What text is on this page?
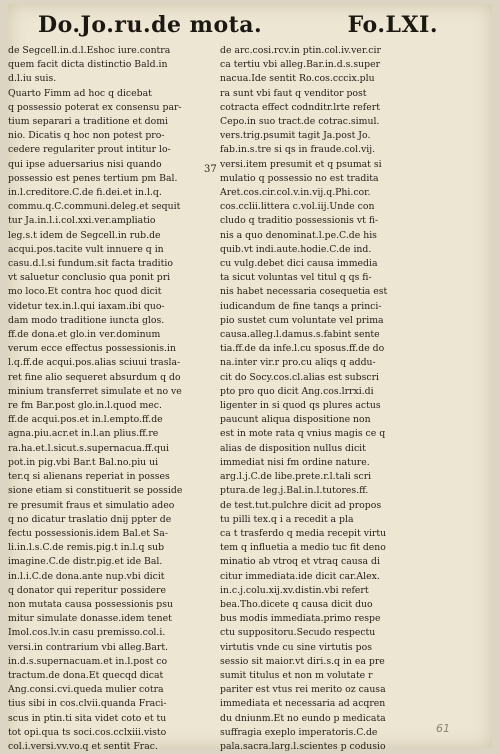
Do.Jo.ru.de mota.	Fo.LXI.
de Segcell.in.d.l.Eshoc iure.contra
quem facit dicta distinctio Bald.in
d.l.iu suis.
Quarto Fimm ad hoc q dicebat
q possessio poterat ex consensu par-
tium separari a traditione et domi
nio. Dicatis q hoc non potest pro-
cedere regulariter prout intitur lo-
qui ipse aduersarius nisi quando
possessio est penes tertium pm Bal.
in.l.creditore.C.de fi.dei.et in.l.q.
commu.q.C.communi.deleg.et sequit
tur Ja.in.l.i.col.xxi.ver.ampliatio
leg.s.t idem de Segcell.in rub.de
acqui.pos.tacite vult innuere q in
casu.d.l.si fundum.sit facta traditio
vt saluetur conclusio qua ponit pri
mo loco.Et contra hoc quod dicit
videtur tex.in.l.qui iaxam.ibi quo-
dam modo traditione iuncta glos.
ff.de dona.et glo.in ver.dominum
verum ecce effectus possessionis.in
l.q.ff.de acqui.pos.alias sciuui trasla-
ret fine alio sequeret absurdum q do
minium transferret simulate et no ve
re fm Bar.post glo.in.l.quod mec.
ff.de acqui.pos.et in.l.empto.ff.de
agna.piu.acr.et in.l.an plius.ff.re
ra.ha.et.l.sicut.s.supernacua.ff.qui
pot.in pig.vbi Bar.t Bal.no.piu ui
ter.q si alienans reperiat in posses
sione etiam si constituerit se posside
re presumit fraus et simulatio adeo
q no dicatur traslatio dnij ppter de
fectu possessionis.idem Bal.et Sa-
li.in.l.s.C.de remis.pig.t in.l.q sub
imagine.C.de distr.pig.et ide Bal.
in.l.i.C.de dona.ante nup.vbi dicit
q donator qui reperitur possidere
non mutata causa possessionis psu
mitur simulate donasse.idem tenet
Imol.cos.lv.in casu premisso.col.i.
versi.in contrarium vbi alleg.Bart.
in.d.s.supernacuam.et in.l.post co
tractum.de dona.Et quecqd dicat
Ang.consi.cvi.queda mulier cotra
tius sibi in cos.clvii.quanda Fraci-
scus in ptin.ti sita videt coto et tu
tot opi.qua ts soci.cos.cclxiii.visto
col.i.versi.vv.vo.q et sentit Frac.
37
de arc.cosi.rcv.in ptin.col.iv.ver.cir
ca tertiu vbi alleg.Bar.in.d.s.super
nacua.Ide sentit Ro.cos.cccix.plu
ra sunt vbi faut q venditor post
cotracta effect codnditr.lrte refert
Cepo.in suo tract.de cotrac.simul.
vers.trig.psumit tagit Ja.post Jo.
fab.in.s.tre si qs in fraude.col.vij.
versi.item presumit et q psumat si
mulatio q possessio no est tradita
Aret.cos.cir.col.v.in.vij.q.Phi.cor.
cos.cclii.littera c.vol.iij.Unde con
cludo q traditio possessionis vt fi-
nis a quo denominat.l.pe.C.de his
quib.vt indi.aute.hodie.C.de ind.
cu vulg.debet dici causa immedia
ta sicut voluntas vel titul q qs fi-
nis habet necessaria cosequetia est
iudicandum de fine tanqs a princi-
pio sustet cum voluntate vel prima
causa.alleg.l.damus.s.fabint sente
tia.ff.de da infe.l.cu sposus.ff.de do
na.inter vir.r pro.cu aliqs q addu-
cit do Socy.cos.cl.alias est subscri
pto pro quo dicit Ang.cos.lrrxi.di
ligenter in si quod qs plures actus
paucunt aliqua dispositione non
est in mote rata q vnius magis ce q
alias de disposition nullus dicit
immediat nisi fm ordine nature.
arg.l.j.C.de libe.prete.r.l.tali scri
ptura.de leg.j.Bal.in.l.tutores.ff.
de test.tut.pulchre dicit ad propos
tu pilli tex.q i a recedit a pla
ca t trasferdo q media recepit virtu
tem q influetia a medio tuc fit deno
minatio ab vtroq et vtraq causa di
citur immediata.ide dicit car.Alex.
in.c.j.colu.xij.xv.distin.vbi refert
bea.Tho.dicete q causa dicit duo
bus modis immediata.primo respe
ctu suppositoru.Secudo respectu
virtutis vnde cu sine virtutis pos
sessio sit maior.vt diri.s.q in ea pre
sumit titulus et non m volutate r
pariter est vtus rei merito oz causa
immediata et necessaria ad acqren
du dniunm.Et no eundo p medicata
suffragia exeplo imperatoris.C.de
pala.sacra.larg.l.scientes p codusio
61
